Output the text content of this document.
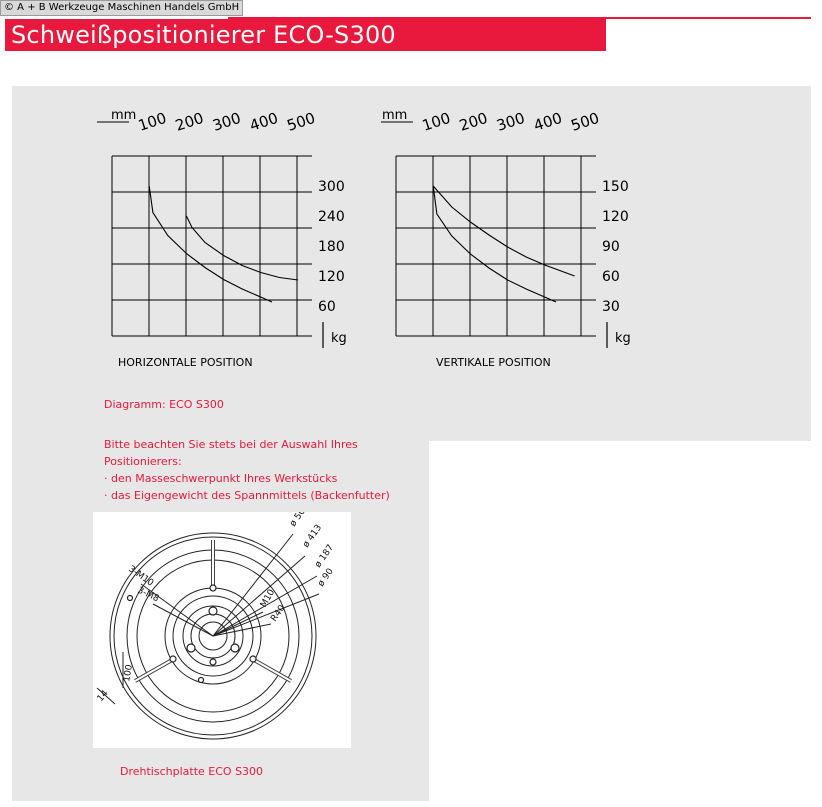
© A + B Werkzeuge Maschinen Handels GmbH
Schweißpositionierer ECO-S300
100 200 300 400 500
300
240
180
120
60
mm
kg
HORIZONTALE POSITION
100 200 300 400 500
150
120
90
60
30
mm
kg
VERTIKALE POSITION
Diagramm: ECO S300
Bitte beachten Sie stets bei der Auswahl Ihres
Positionierers:
· den Masseschwerpunkt Ihres Werkstücks
· das Eigengewicht des Spannmittels (Backenfutter)
ø 500
ø 413
ø 187
ø 90
M10
R40
3-M10
3-M8
100
14
Drehtischplatte ECO S300
